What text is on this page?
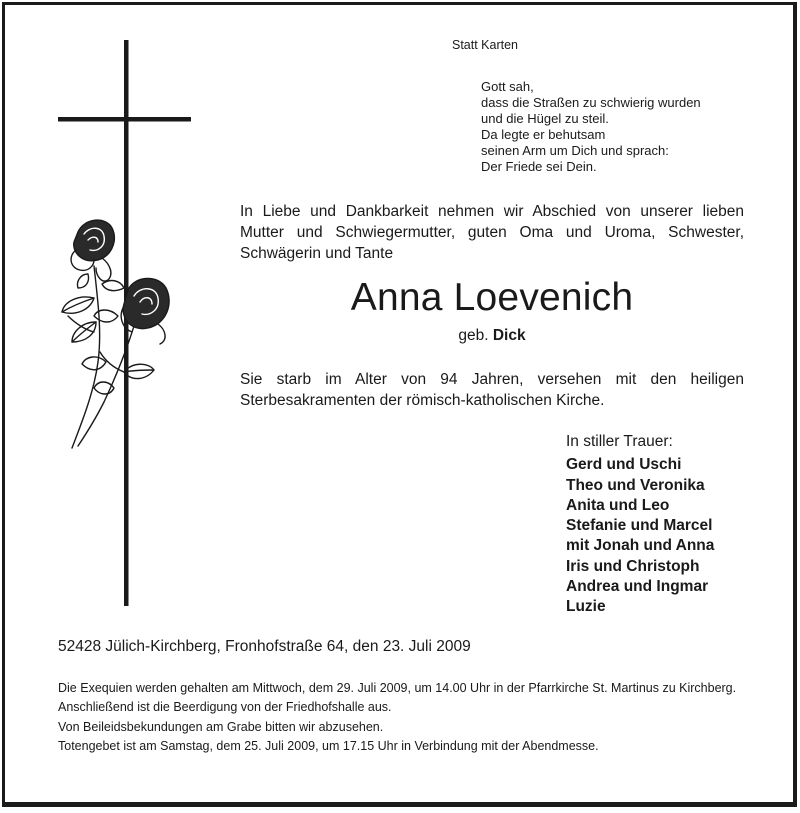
Statt Karten
Gott sah,
dass die Straßen zu schwierig wurden
und die Hügel zu steil.
Da legte er behutsam
seinen Arm um Dich und sprach:
Der Friede sei Dein.
In Liebe und Dankbarkeit nehmen wir Abschied von unserer lieben Mutter und Schwiegermutter, guten Oma und Uroma, Schwester, Schwägerin und Tante
Anna Loevenich
geb. Dick
Sie starb im Alter von 94 Jahren, versehen mit den heiligen Sterbesakramenten der römisch-katholischen Kirche.
In stiller Trauer:
Gerd und Uschi
Theo und Veronika
Anita und Leo
Stefanie und Marcel
mit Jonah und Anna
Iris und Christoph
Andrea und Ingmar
Luzie
52428 Jülich-Kirchberg, Fronhofstraße 64, den 23. Juli 2009
Die Exequien werden gehalten am Mittwoch, dem 29. Juli 2009, um 14.00 Uhr in der Pfarrkirche St. Martinus zu Kirchberg.
Anschließend ist die Beerdigung von der Friedhofshalle aus.
Von Beileidsbekundungen am Grabe bitten wir abzusehen.
Totengebet ist am Samstag, dem 25. Juli 2009, um 17.15 Uhr in Verbindung mit der Abendmesse.
